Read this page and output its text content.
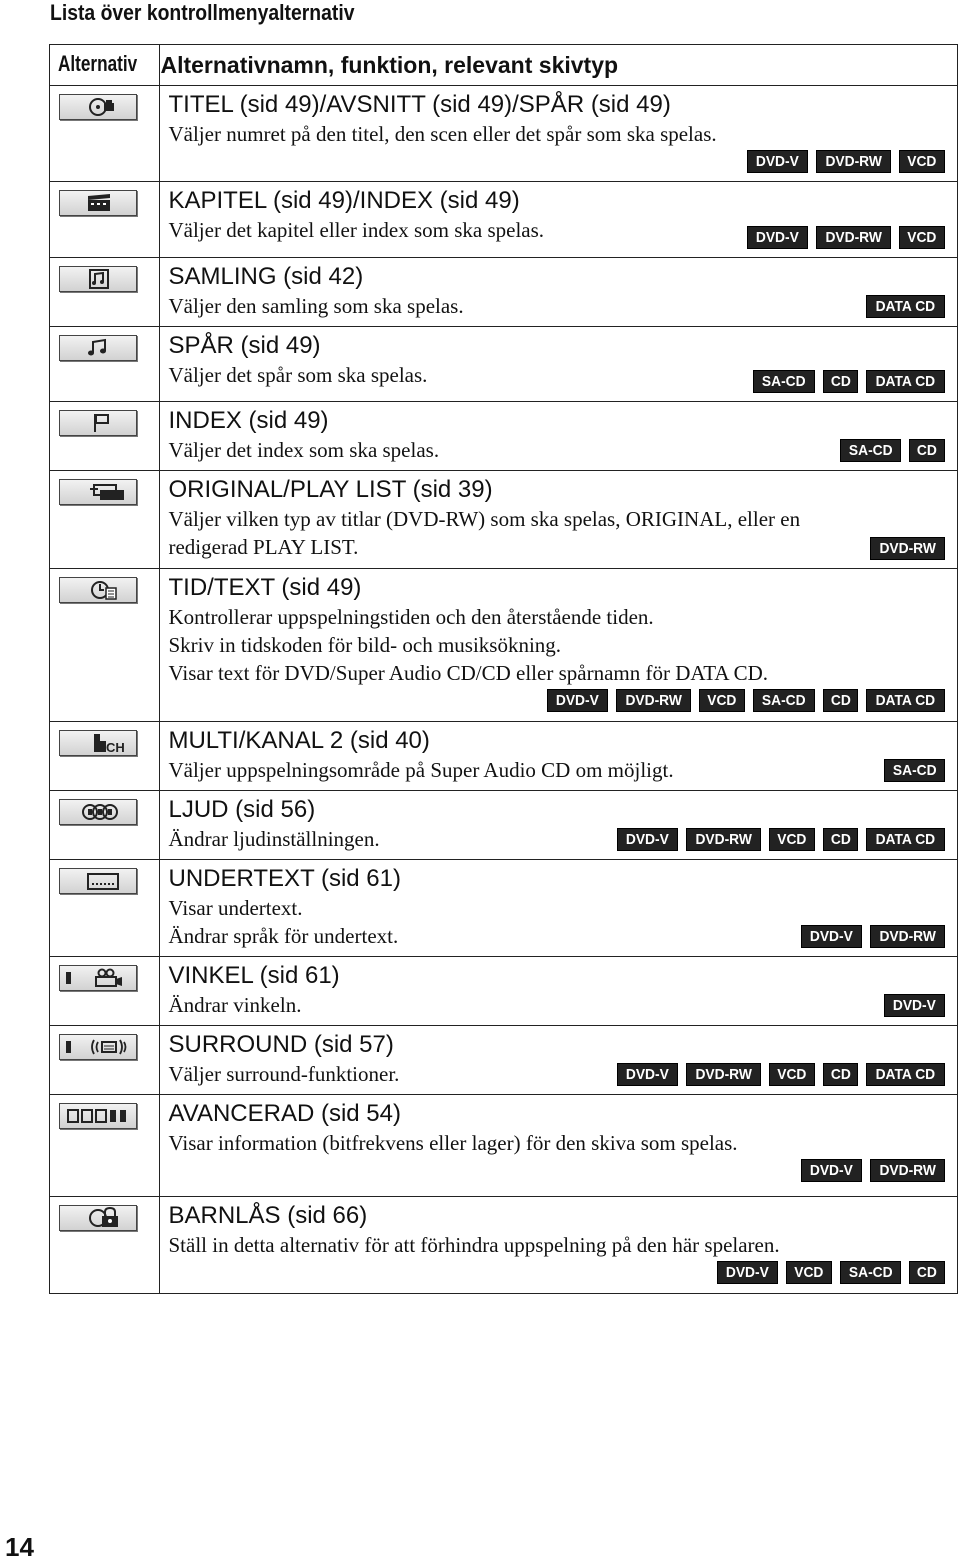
Lista över kontrollmenyalternativ
Alternativ	Alternativnamn, funktion, relevant skivtyp

TITEL (sid 49)/AVSNITT (sid 49)/SPÅR (sid 49)
Väljer numret på den titel, den scen eller det spår som ska spelas.
DVD-V DVD-RW VCD

KAPITEL (sid 49)/INDEX (sid 49)
Väljer det kapitel eller index som ska spelas. DVD-V DVD-RW VCD

SAMLING (sid 42)
Väljer den samling som ska spelas. DATA CD

SPÅR (sid 49)
Väljer det spår som ska spelas. SA-CD CD DATA CD

INDEX (sid 49)
Väljer det index som ska spelas. SA-CD CD

ORIGINAL/PLAY LIST (sid 39)
Väljer vilken typ av titlar (DVD-RW) som ska spelas, ORIGINAL, eller en
redigerad PLAY LIST. DVD-RW

TID/TEXT (sid 49)
Kontrollerar uppspelningstiden och den återstående tiden.
Skriv in tidskoden för bild- och musiksökning.
Visar text för DVD/Super Audio CD/CD eller spårnamn för DATA CD.
DVD-V DVD-RW VCD SA-CD CD DATA CD

CH	MULTI/KANAL 2 (sid 40)
Väljer uppspelningsområde på Super Audio CD om möjligt. SA-CD

LJUD (sid 56)
Ändrar ljudinställningen. DVD-V DVD-RW VCD CD DATA CD

UNDERTEXT (sid 61)
Visar undertext.
Ändrar språk för undertext. DVD-V DVD-RW

VINKEL (sid 61)
Ändrar vinkeln. DVD-V

SURROUND (sid 57)
Väljer surround-funktioner. DVD-V DVD-RW VCD CD DATA CD

AVANCERAD (sid 54)
Visar information (bitfrekvens eller lager) för den skiva som spelas.
DVD-V DVD-RW

BARNLÅS (sid 66)
Ställ in detta alternativ för att förhindra uppspelning på den här spelaren.
DVD-V VCD SA-CD CD
14
